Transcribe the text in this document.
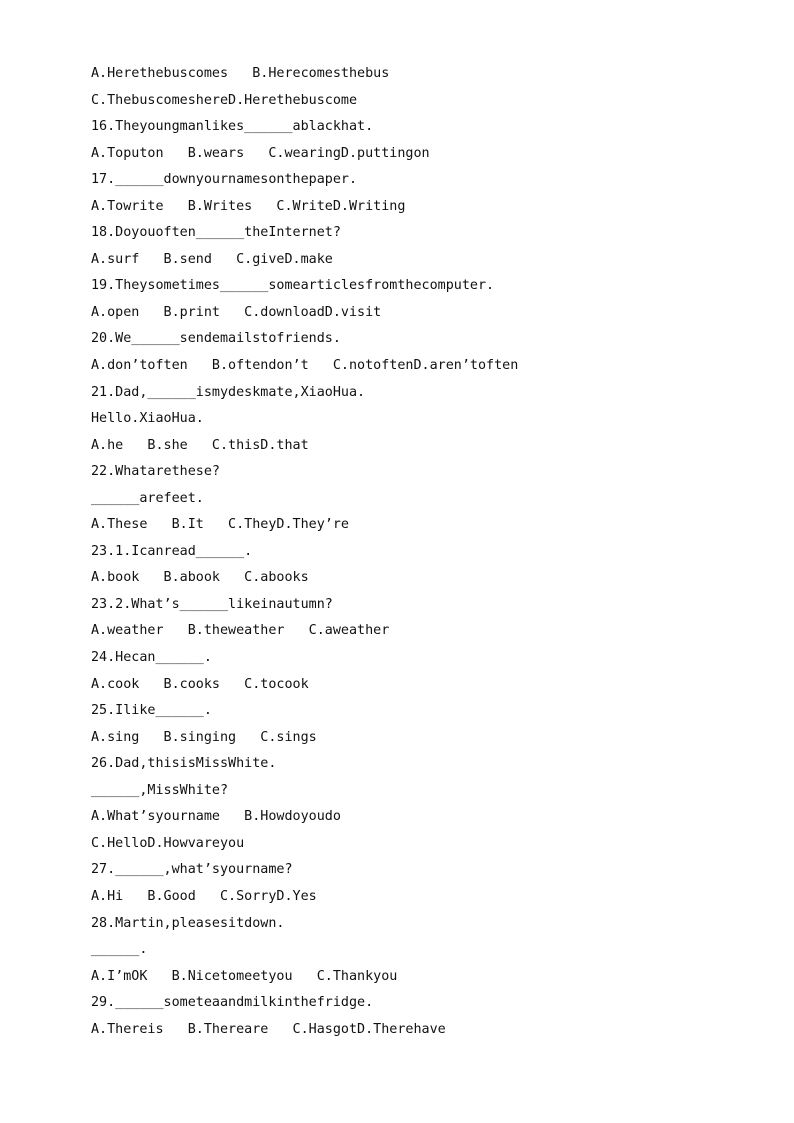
A.Herethebuscomes   B.Herecomesthebus
C.ThebuscomeshereD.Herethebuscome
16.Theyoungmanlikes______ablackhat.
A.Toputon   B.wears   C.wearingD.puttingon
17.______downyournamesonthepaper.
A.Towrite   B.Writes   C.WriteD.Writing
18.Doyouoften______theInternet?
A.surf   B.send   C.giveD.make
19.Theysometimes______somearticlesfromthecomputer.
A.open   B.print   C.downloadD.visit
20.We______sendemailstofriends.
A.don’toften   B.oftendon’t   C.notoftenD.aren’toften
21.Dad,______ismydeskmate,XiaoHua.
Hello.XiaoHua.
A.he   B.she   C.thisD.that
22.Whatarethese?
______arefeet.
A.These   B.It   C.TheyD.They’re
23.1.Icanread______.
A.book   B.abook   C.abooks
23.2.What’s______likeinautumn?
A.weather   B.theweather   C.aweather
24.Hecan______.
A.cook   B.cooks   C.tocook
25.Ilike______.
A.sing   B.singing   C.sings
26.Dad,thisisMissWhite.
______,MissWhite?
A.What’syourname   B.Howdoyoudo
C.HelloD.Howvareyou
27.______,what’syourname?
A.Hi   B.Good   C.SorryD.Yes
28.Martin,pleasesitdown.
______.
A.I’mOK   B.Nicetomeetyou   C.Thankyou
29.______someteaandmilkinthefridge.
A.Thereis   B.Thereare   C.HasgotD.Therehave
